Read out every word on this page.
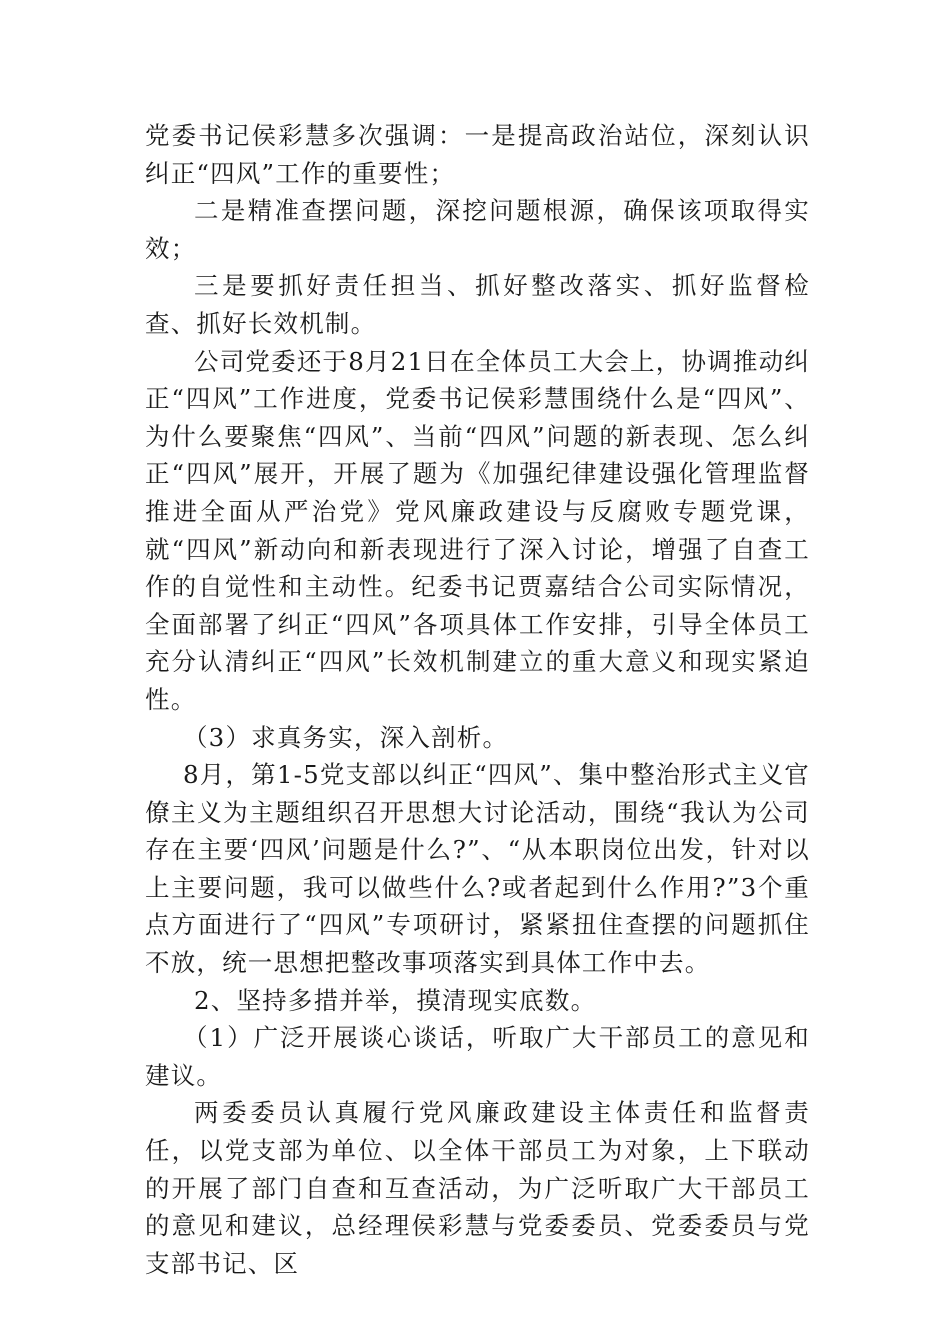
党委书记侯彩慧多次强调：一是提高政治站位，深刻认识纠正“四风”工作的重要性；

二是精准查摆问题，深挖问题根源，确保该项取得实效；

三是要抓好责任担当、抓好整改落实、抓好监督检查、抓好长效机制。

公司党委还于8月21日在全体员工大会上，协调推动纠正“四风”工作进度，党委书记侯彩慧围绕什么是“四风”、为什么要聚焦“四风”、当前“四风”问题的新表现、怎么纠正“四风”展开，开展了题为《加强纪律建设强化管理监督推进全面从严治党》党风廉政建设与反腐败专题党课，就“四风”新动向和新表现进行了深入讨论，增强了自查工作的自觉性和主动性。纪委书记贾嘉结合公司实际情况，全面部署了纠正“四风”各项具体工作安排，引导全体员工充分认清纠正“四风”长效机制建立的重大意义和现实紧迫性。

（3）求真务实，深入剖析。

8月，第1-5党支部以纠正“四风”、集中整治形式主义官僚主义为主题组织召开思想大讨论活动，围绕“我认为公司存在主要‘四风’问题是什么?”、“从本职岗位出发，针对以上主要问题，我可以做些什么?或者起到什么作用?”3个重点方面进行了“四风”专项研讨，紧紧扭住查摆的问题抓住不放，统一思想把整改事项落实到具体工作中去。

2、坚持多措并举，摸清现实底数。

（1）广泛开展谈心谈话，听取广大干部员工的意见和建议。

两委委员认真履行党风廉政建设主体责任和监督责任，以党支部为单位、以全体干部员工为对象，上下联动的开展了部门自查和互查活动，为广泛听取广大干部员工的意见和建议，总经理侯彩慧与党委委员、党委委员与党支部书记、区
